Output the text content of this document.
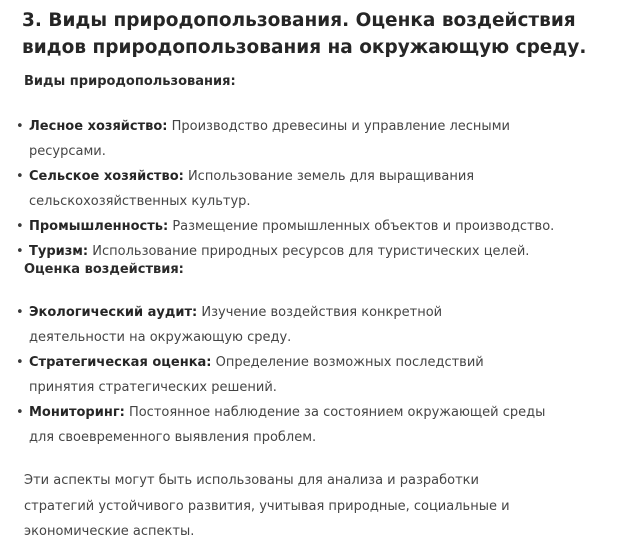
3. Виды природопользования. Оценка воздействия видов природопользования на окружающую среду.

Виды природопользования:

• Лесное хозяйство: Производство древесины и управление лесными ресурсами.
• Сельское хозяйство: Использование земель для выращивания сельскохозяйственных культур.
• Промышленность: Размещение промышленных объектов и производство.
• Туризм: Использование природных ресурсов для туристических целей.

Оценка воздействия:

• Экологический аудит: Изучение воздействия конкретной деятельности на окружающую среду.
• Стратегическая оценка: Определение возможных последствий принятия стратегических решений.
• Мониторинг: Постоянное наблюдение за состоянием окружающей среды для своевременного выявления проблем.

Эти аспекты могут быть использованы для анализа и разработки стратегий устойчивого развития, учитывая природные, социальные и экономические аспекты.
